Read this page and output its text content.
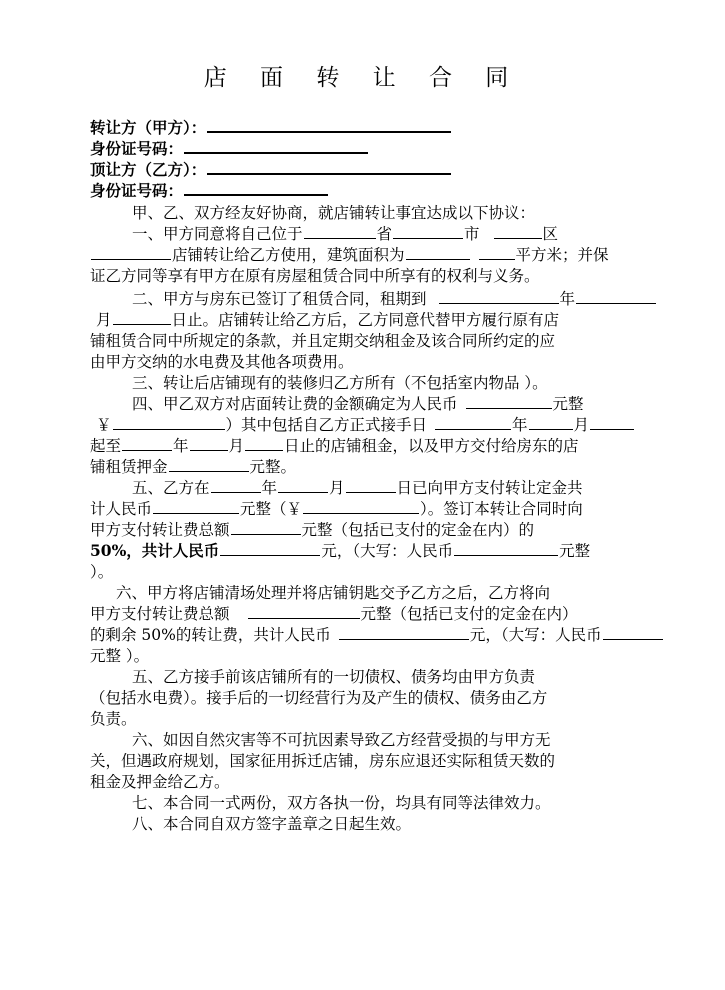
店 面 转 让 合 同
转让方（甲方）：
身份证号码：
顶让方（乙方）：
身份证号码：
甲、乙、双方经友好协商，就店铺转让事宜达成以下协议：
一、甲方同意将自己位于	省	市	区
店铺转让给乙方使用，建筑面积为	平方米；并保
证乙方同等享有甲方在原有房屋租赁合同中所享有的权利与义务。
二、甲方与房东已签订了租赁合同，租期到	年
月	日止。店铺转让给乙方后，乙方同意代替甲方履行原有店
铺租赁合同中所规定的条款，并且定期交纳租金及该合同所约定的应
由甲方交纳的水电费及其他各项费用。
三、转让后店铺现有的装修归乙方所有（不包括室内物品 ）。
四、甲乙双方对店面转让费的金额确定为人民币	元整
￥	）其中包括自乙方正式接手日	年	月
起至	年	月	日止的店铺租金，以及甲方交付给房东的店
铺租赁押金	元整。
五、乙方在	年	月	日已向甲方支付转让定金共
计人民币	元整（￥	）。签订本转让合同时向
甲方支付转让费总额	元整（包括已支付的定金在内）的
50%，共计人民币	元，（大写：人民币	元整
）。
六、甲方将店铺清场处理并将店铺钥匙交予乙方之后，乙方将向
甲方支付转让费总额	元整（包括已支付的定金在内）
的剩余 50%的转让费，共计人民币	元，（大写：人民币
元整 ）。
五、乙方接手前该店铺所有的一切债权、债务均由甲方负责
（包括水电费）。接手后的一切经营行为及产生的债权、债务由乙方
负责。
六、如因自然灾害等不可抗因素导致乙方经营受损的与甲方无
关，但遇政府规划，国家征用拆迁店铺，房东应退还实际租赁天数的
租金及押金给乙方。
七、本合同一式两份，双方各执一份，均具有同等法律效力。
八、本合同自双方签字盖章之日起生效。
